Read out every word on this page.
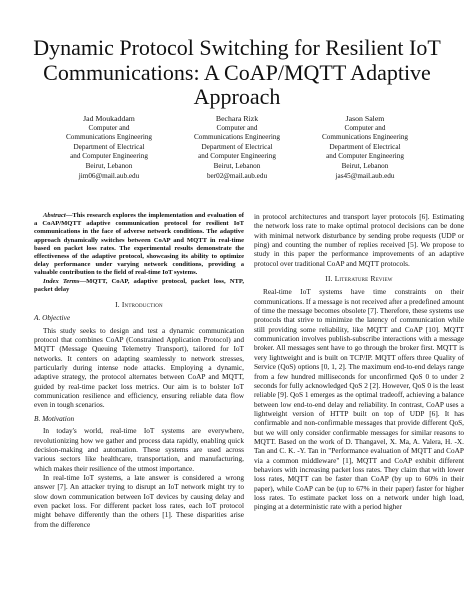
Dynamic Protocol Switching for Resilient IoT Communications: A CoAP/MQTT Adaptive Approach
Jad Moukaddam
Computer and
Communications Engineering
Department of Electrical
and Computer Engineering
Beirut, Lebanon
jim06@mail.aub.edu
Bechara Rizk
Computer and
Communications Engineering
Department of Electrical
and Computer Engineering
Beirut, Lebanon
ber02@mail.aub.edu
Jason Salem
Computer and
Communications Engineering
Department of Electrical
and Computer Engineering
Beirut, Lebanon
jas45@mail.aub.edu

Abstract—This research explores the implementation and evaluation of a CoAP/MQTT adaptive communication protocol for resilient IoT communications in the face of adverse network conditions. The adaptive approach dynamically switches between CoAP and MQTT in real-time based on packet loss rates. The experimental results demonstrate the effectiveness of the adaptive protocol, showcasing its ability to optimize delay performance under varying network conditions, providing a valuable contribution to the field of real-time IoT systems.

Index Terms—MQTT, CoAP, adaptive protocol, packet loss, NTP, packet delay

I. Introduction
A. Objective

This study seeks to design and test a dynamic communication protocol that combines CoAP (Constrained Application Protocol) and MQTT (Message Queuing Telemetry Transport), tailored for IoT networks. It centers on adapting seamlessly to network stresses, particularly during intense node attacks. Employing a dynamic, adaptive strategy, the protocol alternates between CoAP and MQTT, guided by real-time packet loss metrics. Our aim is to bolster IoT communication resilience and efficiency, ensuring reliable data flow even in tough scenarios.

B. Motivation

In today's world, real-time IoT systems are everywhere, revolutionizing how we gather and process data rapidly, enabling quick decision-making and automation. These systems are used across various sectors like healthcare, transportation, and manufacturing, which makes their resilience of the utmost importance.

In real-time IoT systems, a late answer is considered a wrong answer [7]. An attacker trying to disrupt an IoT network might try to slow down communication between IoT devices by causing delay and even packet loss. For different packet loss rates, each IoT protocol might behave differently than the others [1]. These disparities arise from the difference

in protocol architectures and transport layer protocols [6]. Estimating the network loss rate to make optimal protocol decisions can be done with minimal network disturbance by sending probe requests (UDP or ping) and counting the number of replies received [5]. We propose to study in this paper the performance improvements of an adaptive protocol over traditional CoAP and MQTT protocols.

II. Literature Review

Real-time IoT systems have time constraints on their communications. If a message is not received after a predefined amount of time the message becomes obsolete [7]. Therefore, these systems use protocols that strive to minimize the latency of communication while still providing some reliability, like MQTT and CoAP [10]. MQTT communication involves publish-subscribe interactions with a message broker. All messages sent have to go through the broker first. MQTT is very lightweight and is built on TCP/IP. MQTT offers three Quality of Service (QoS) options [0, 1, 2]. The maximum end-to-end delays range from a few hundred milliseconds for unconfirmed QoS 0 to under 2 seconds for fully acknowledged QoS 2 [2]. However, QoS 0 is the least reliable [9]. QoS 1 emerges as the optimal tradeoff, achieving a balance between low end-to-end delay and reliability. In contrast, CoAP uses a lightweight version of HTTP built on top of UDP [6]. It has confirmable and non-confirmable messages that provide different QoS, but we will only consider confirmable messages for similar reasons to MQTT. Based on the work of D. Thangavel, X. Ma, A. Valera, H. -X. Tan and C. K. -Y. Tan in "Performance evaluation of MQTT and CoAP via a common middleware" [1], MQTT and CoAP exhibit different behaviors with increasing packet loss rates. They claim that with lower loss rates, MQTT can be faster than CoAP (by up to 60% in their paper), while CoAP can be (up to 67% in their paper) faster for higher loss rates. To estimate packet loss on a network under high load, pinging at a deterministic rate with a period higher
